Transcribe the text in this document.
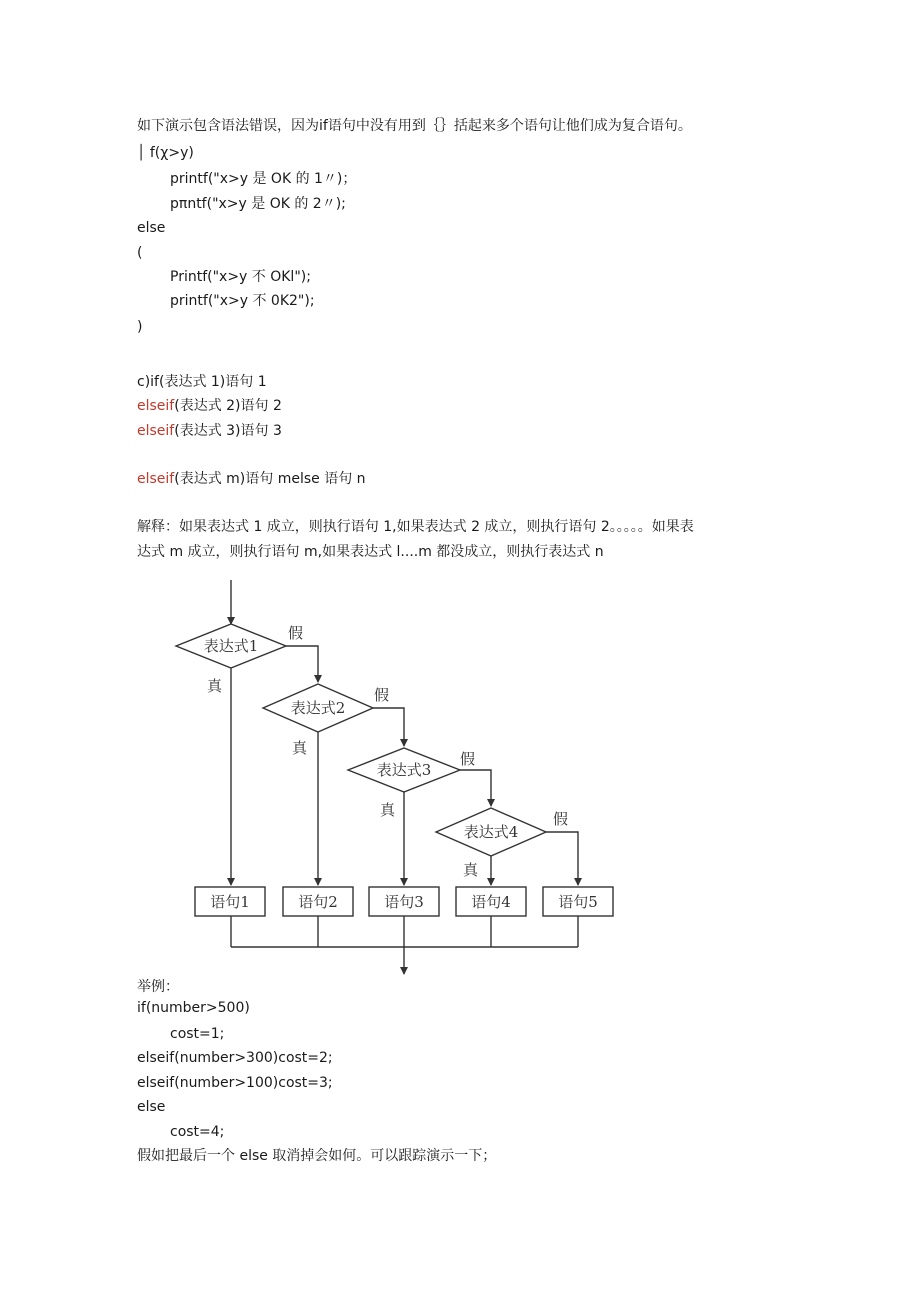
如下演示包含语法错误，因为if语句中没有用到｛｝括起来多个语句让他们成为复合语句。
│ f(χ>y)
printf("x>y 是 OK 的 1〃)；
pπntf("x>y 是 OK 的 2〃);
else
(
Printf("x>y 不 OKl");
printf("x>y 不 0K2");
)
c)if(表达式 1)语句 1
elseif(表达式 2)语句 2
elseif(表达式 3)语句 3
elseif(表达式 m)语句 melse 语句 n
解释：如果表达式 1 成立，则执行语句 1,如果表达式 2 成立，则执行语句 2。。。。。如果表
达式 m 成立，则执行语句 m,如果表达式 l....m 都没成立，则执行表达式 n
表达式1
表达式2
表达式3
表达式4
假
假
假
假
真
真
真
真
语句1	语句2	语句3	语句4	语句5
举例：
if(number>500)
cost=1;
elseif(number>300)cost=2;
elseif(number>100)cost=3;
else
cost=4;
假如把最后一个 else 取消掉会如何。可以跟踪演示一下；
